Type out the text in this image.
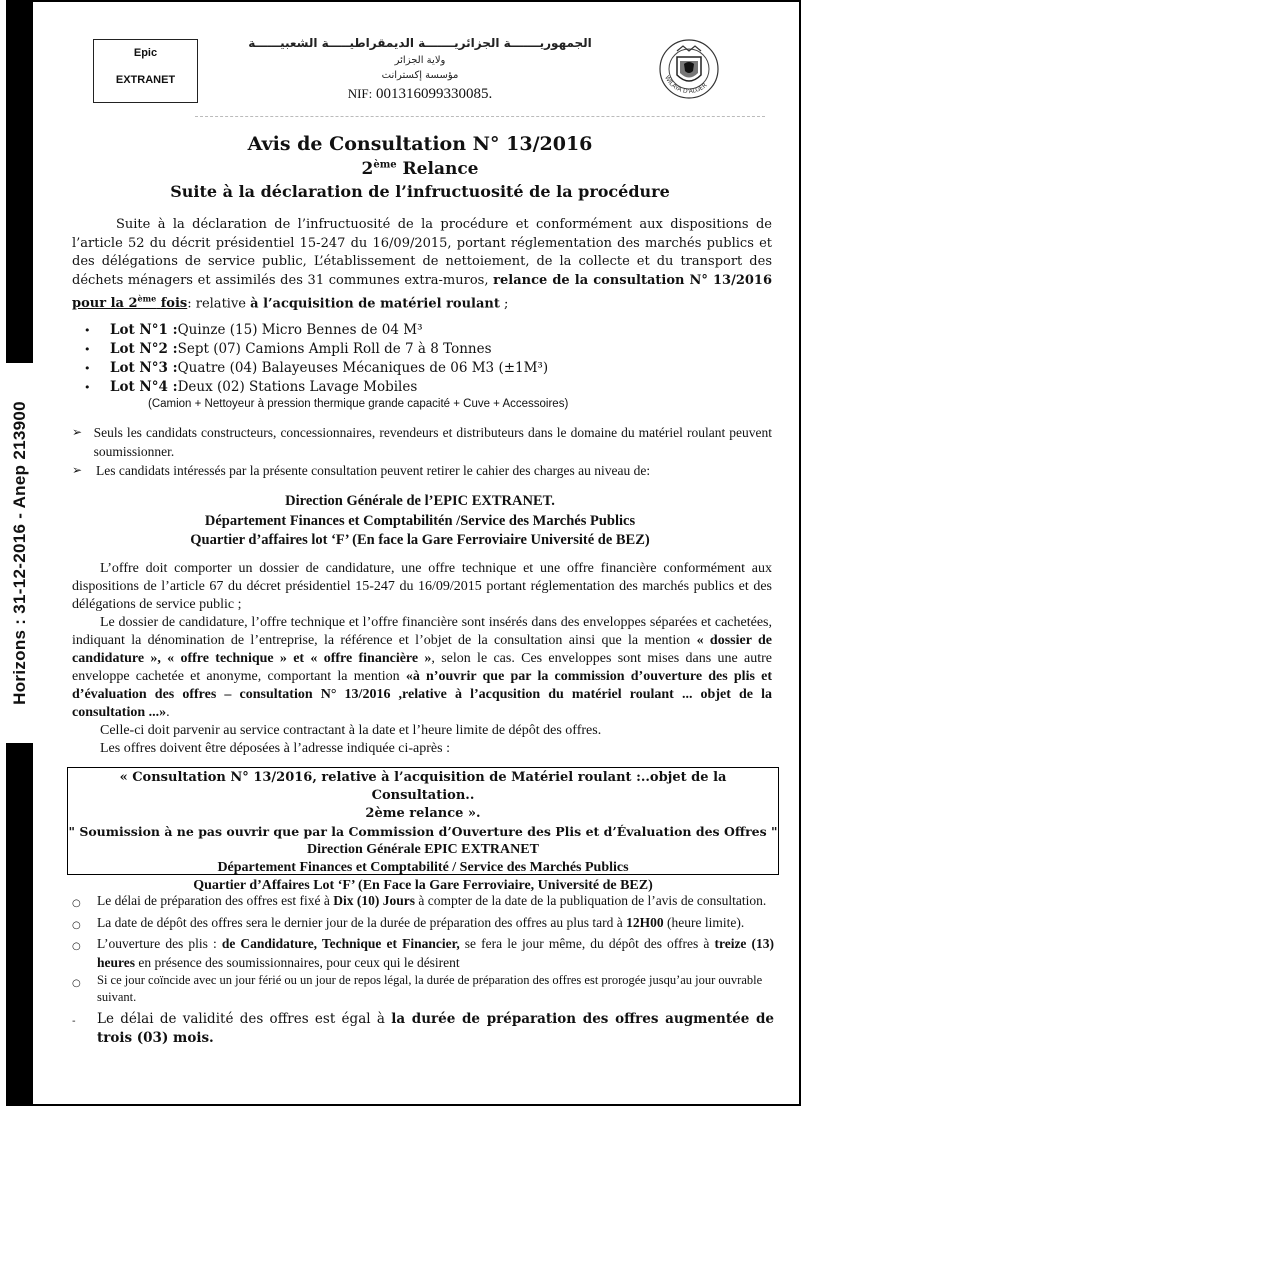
Horizons : 31-12-2016 - Anep 213900
Epic
EXTRANET
الجمهوريـــــــة الجزائريـــــــة الديمقراطيـــــة الشعبيــــــة
ولاية الجزائر
مؤسسة إكسترانت
NIF: 001316099330085.
WILAYA D'ALGER
Avis de Consultation N° 13/2016
2ème Relance
Suite à la déclaration de l’infructuosité de la procédure
Suite à la déclaration de l’infructuosité de la procédure et conformément aux dispositions de l’article 52 du décrit présidentiel 15-247 du 16/09/2015, portant réglementation des marchés publics et des délégations de service public, L’établissement de nettoiement, de la collecte et du transport des déchets ménagers et assimilés des 31 communes extra-muros, relance de la consultation N° 13/2016 pour la 2ème fois: relative à l’acquisition de matériel roulant ;
•	Lot N°1 : Quinze (15) Micro Bennes de 04 M³
•	Lot N°2 : Sept (07) Camions Ampli Roll de 7 à 8 Tonnes
•	Lot N°3 : Quatre (04) Balayeuses Mécaniques de 06 M3 (±1M³)
•	Lot N°4 : Deux (02) Stations Lavage Mobiles
(Camion + Nettoyeur à pression thermique grande capacité + Cuve + Accessoires)
➢ Seuls les candidats constructeurs, concessionnaires, revendeurs et distributeurs dans le domaine du matériel roulant peuvent soumissionner.
➢	Les candidats intéressés par la présente consultation peuvent retirer le cahier des charges au niveau de:
Direction Générale de l’EPIC EXTRANET.
Département Finances et Comptabilitén /Service des Marchés Publics
Quartier d’affaires lot ‘F’ (En face la Gare Ferroviaire Université de BEZ)

L’offre doit comporter un dossier de candidature, une offre technique et une offre financière conformément aux dispositions de l’article 67 du décret présidentiel 15-247 du 16/09/2015 portant réglementation des marchés publics et des délégations de service public ;

Le dossier de candidature, l’offre technique et l’offre financière sont insérés dans des enveloppes séparées et cachetées, indiquant la dénomination de l’entreprise, la référence et l’objet de la consultation ainsi que la mention « dossier de candidature », « offre technique » et « offre financière », selon le cas. Ces enveloppes sont mises dans une autre enveloppe cachetée et anonyme, comportant la mention «à n’ouvrir que par la commission d’ouverture des plis et d’évaluation des offres – consultation N° 13/2016 ,relative à l’acqusition du matériel roulant ... objet de la consultation ...».

Celle-ci doit parvenir au service contractant à la date et l’heure limite de dépôt des offres.

Les offres doivent être déposées à l’adresse indiquée ci-après :

« Consultation N° 13/2016, relative à l’acquisition de Matériel roulant :..objet de la Consultation..
2ème relance ».
" Soumission à ne pas ouvrir que par la Commission d’Ouverture des Plis et d’Évaluation des Offres "
Direction Générale EPIC EXTRANET
Département Finances et Comptabilité / Service des Marchés Publics
Quartier d’Affaires Lot ‘F’ (En Face la Gare Ferroviaire, Université de BEZ)
○	Le délai de préparation des offres est fixé à Dix (10) Jours à compter de la date de la publiquation de l’avis de consultation.
○	La date de dépôt des offres sera le dernier jour de la durée de préparation des offres au plus tard à 12H00 (heure limite).
○	L’ouverture des plis : de Candidature, Technique et Financier, se fera le jour même, du dépôt des offres à treize (13) heures en présence des soumissionnaires, pour ceux qui le désirent
○	Si ce jour coïncide avec un jour férié ou un jour de repos légal, la durée de préparation des offres est prorogée jusqu’au jour ouvrable suivant.
-	Le délai de validité des offres est égal à la durée de préparation des offres augmentée de trois (03) mois.
